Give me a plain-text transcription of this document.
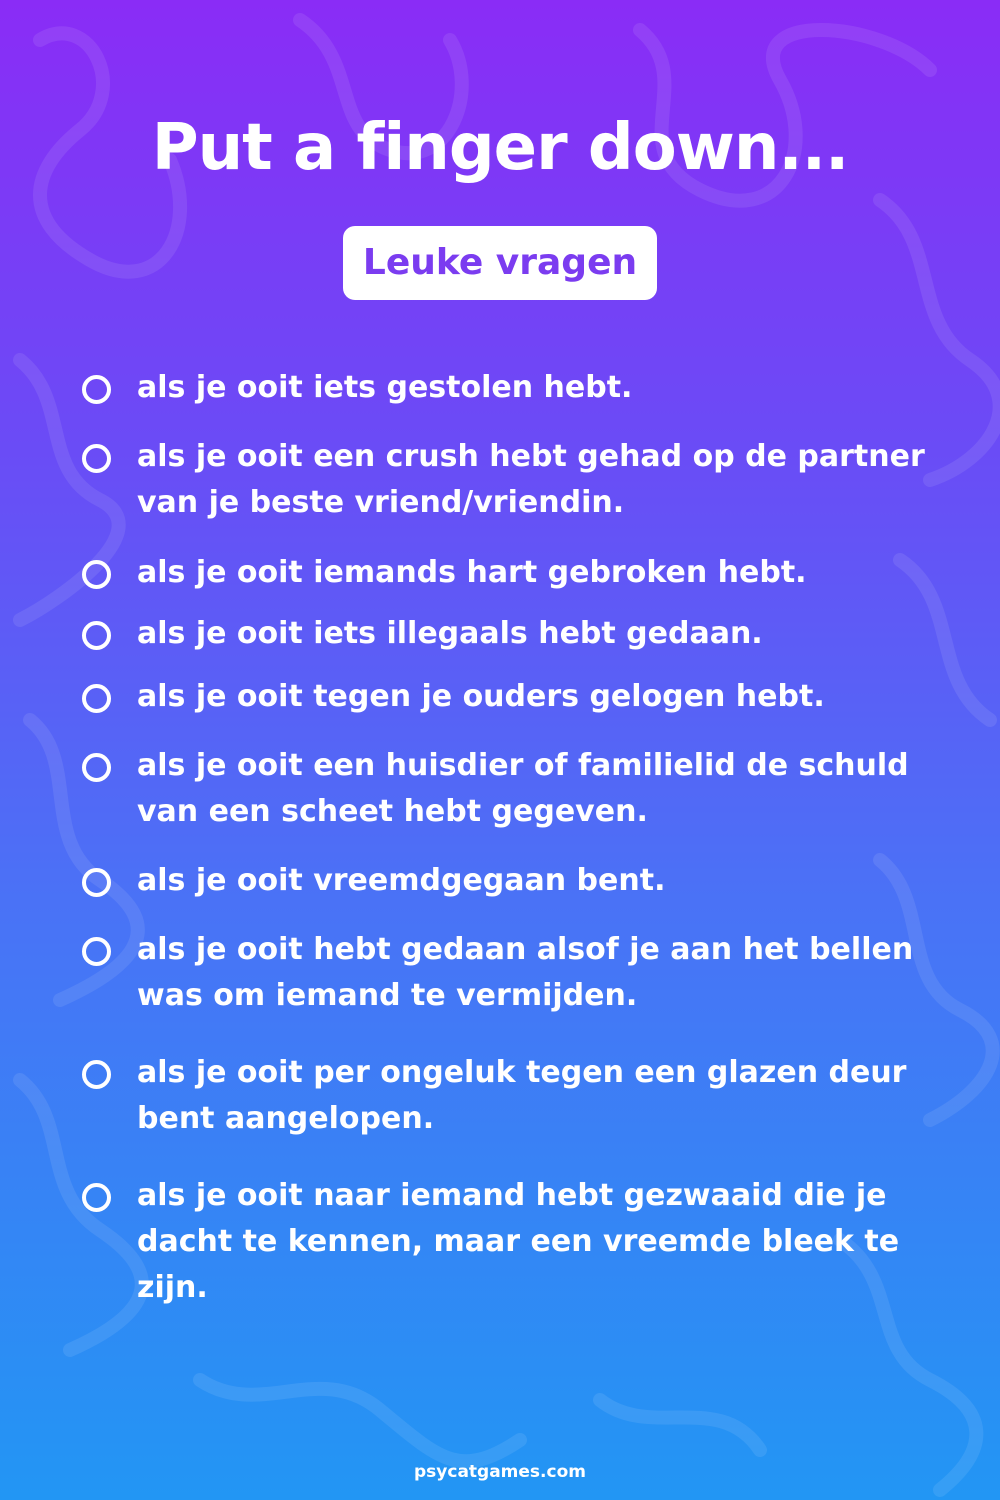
Put a finger down...
Leuke vragen
als je ooit iets gestolen hebt.
als je ooit een crush hebt gehad op de partner
van je beste vriend/vriendin.
als je ooit iemands hart gebroken hebt.
als je ooit iets illegaals hebt gedaan.
als je ooit tegen je ouders gelogen hebt.
als je ooit een huisdier of familielid de schuld
van een scheet hebt gegeven.
als je ooit vreemdgegaan bent.
als je ooit hebt gedaan alsof je aan het bellen
was om iemand te vermijden.
als je ooit per ongeluk tegen een glazen deur
bent aangelopen.
als je ooit naar iemand hebt gezwaaid die je
dacht te kennen, maar een vreemde bleek te
zijn.
psycatgames.com
